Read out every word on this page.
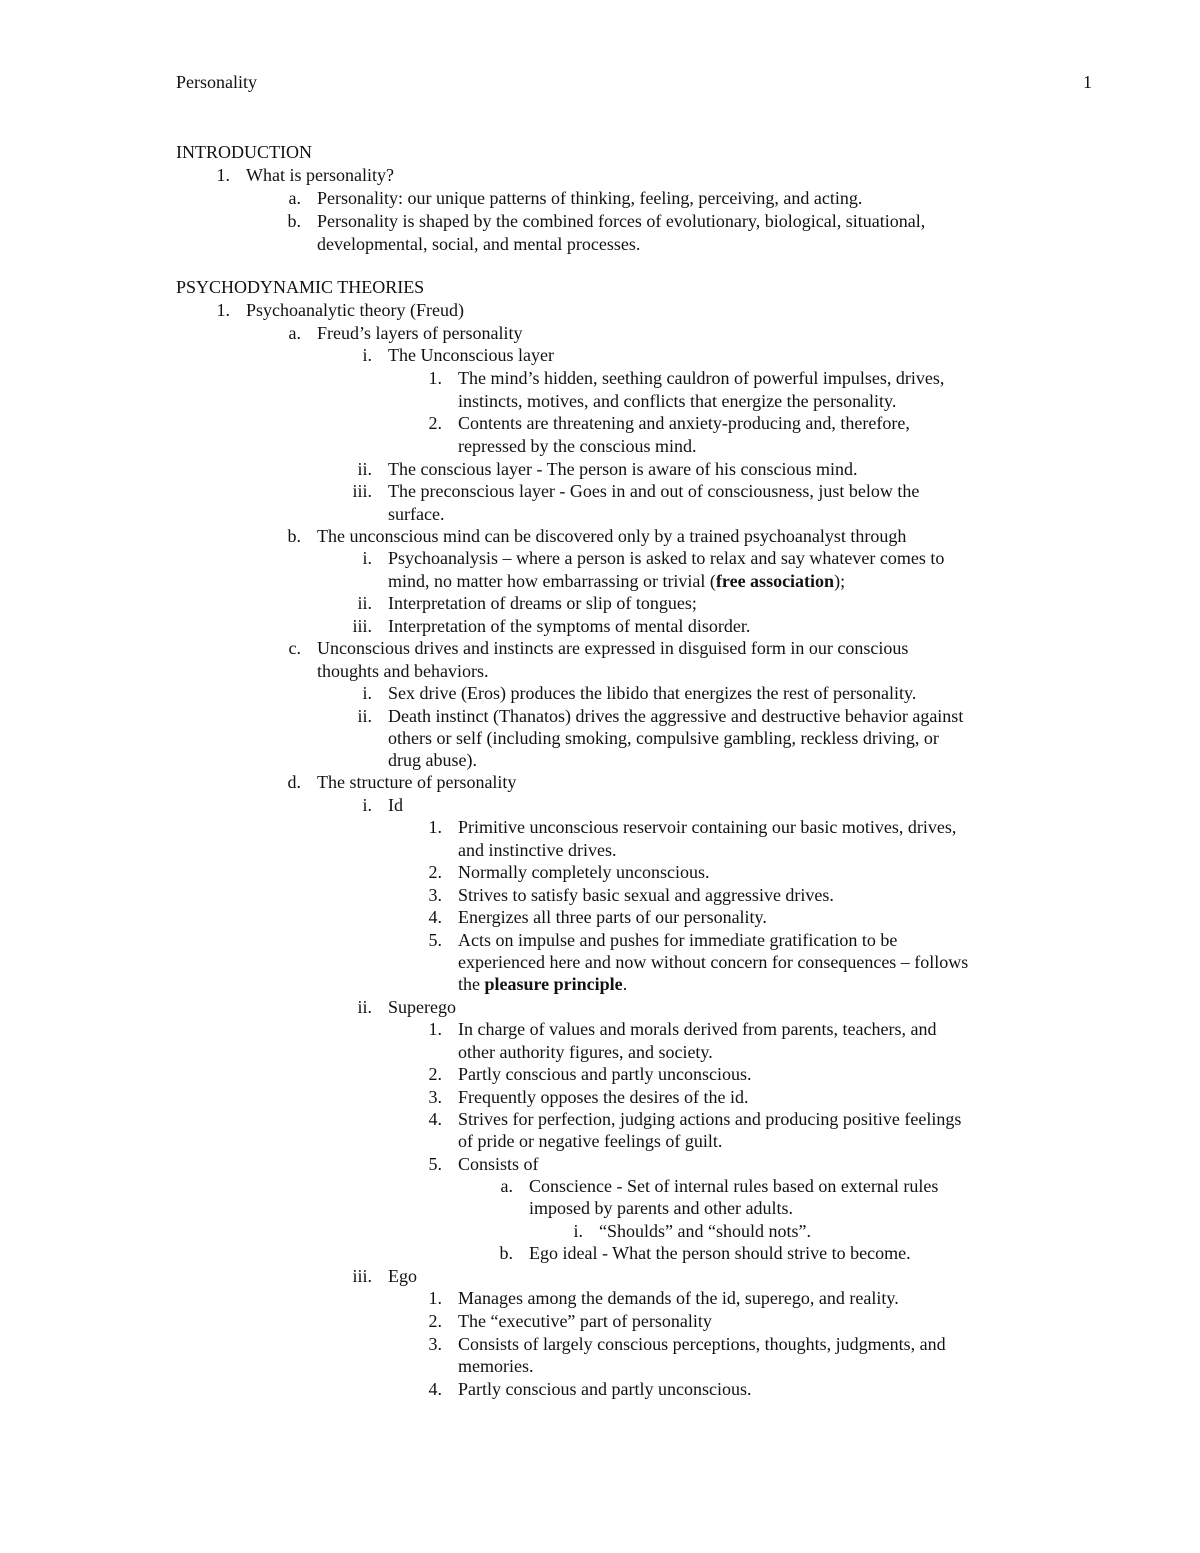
Personality	1
INTRODUCTION
1. What is personality?
a. Personality: our unique patterns of thinking, feeling, perceiving, and acting.
b. Personality is shaped by the combined forces of evolutionary, biological, situational,
developmental, social, and mental processes.
PSYCHODYNAMIC THEORIES
1. Psychoanalytic theory (Freud)
a. Freud’s layers of personality
i. The Unconscious layer
1. The mind’s hidden, seething cauldron of powerful impulses, drives,
instincts, motives, and conflicts that energize the personality.
2. Contents are threatening and anxiety-producing and, therefore,
repressed by the conscious mind.
ii. The conscious layer - The person is aware of his conscious mind.
iii. The preconscious layer - Goes in and out of consciousness, just below the
surface.
b. The unconscious mind can be discovered only by a trained psychoanalyst through
i. Psychoanalysis – where a person is asked to relax and say whatever comes to
mind, no matter how embarrassing or trivial (free association);
ii. Interpretation of dreams or slip of tongues;
iii. Interpretation of the symptoms of mental disorder.
c. Unconscious drives and instincts are expressed in disguised form in our conscious
thoughts and behaviors.
i. Sex drive (Eros) produces the libido that energizes the rest of personality.
ii. Death instinct (Thanatos) drives the aggressive and destructive behavior against
others or self (including smoking, compulsive gambling, reckless driving, or
drug abuse).
d. The structure of personality
i. Id
1. Primitive unconscious reservoir containing our basic motives, drives,
and instinctive drives.
2. Normally completely unconscious.
3. Strives to satisfy basic sexual and aggressive drives.
4. Energizes all three parts of our personality.
5. Acts on impulse and pushes for immediate gratification to be
experienced here and now without concern for consequences – follows
the pleasure principle.
ii. Superego
1. In charge of values and morals derived from parents, teachers, and
other authority figures, and society.
2. Partly conscious and partly unconscious.
3. Frequently opposes the desires of the id.
4. Strives for perfection, judging actions and producing positive feelings
of pride or negative feelings of guilt.
5. Consists of
a. Conscience - Set of internal rules based on external rules
imposed by parents and other adults.
i. “Shoulds” and “should nots”.
b. Ego ideal - What the person should strive to become.
iii. Ego
1. Manages among the demands of the id, superego, and reality.
2. The “executive” part of personality
3. Consists of largely conscious perceptions, thoughts, judgments, and
memories.
4. Partly conscious and partly unconscious.
